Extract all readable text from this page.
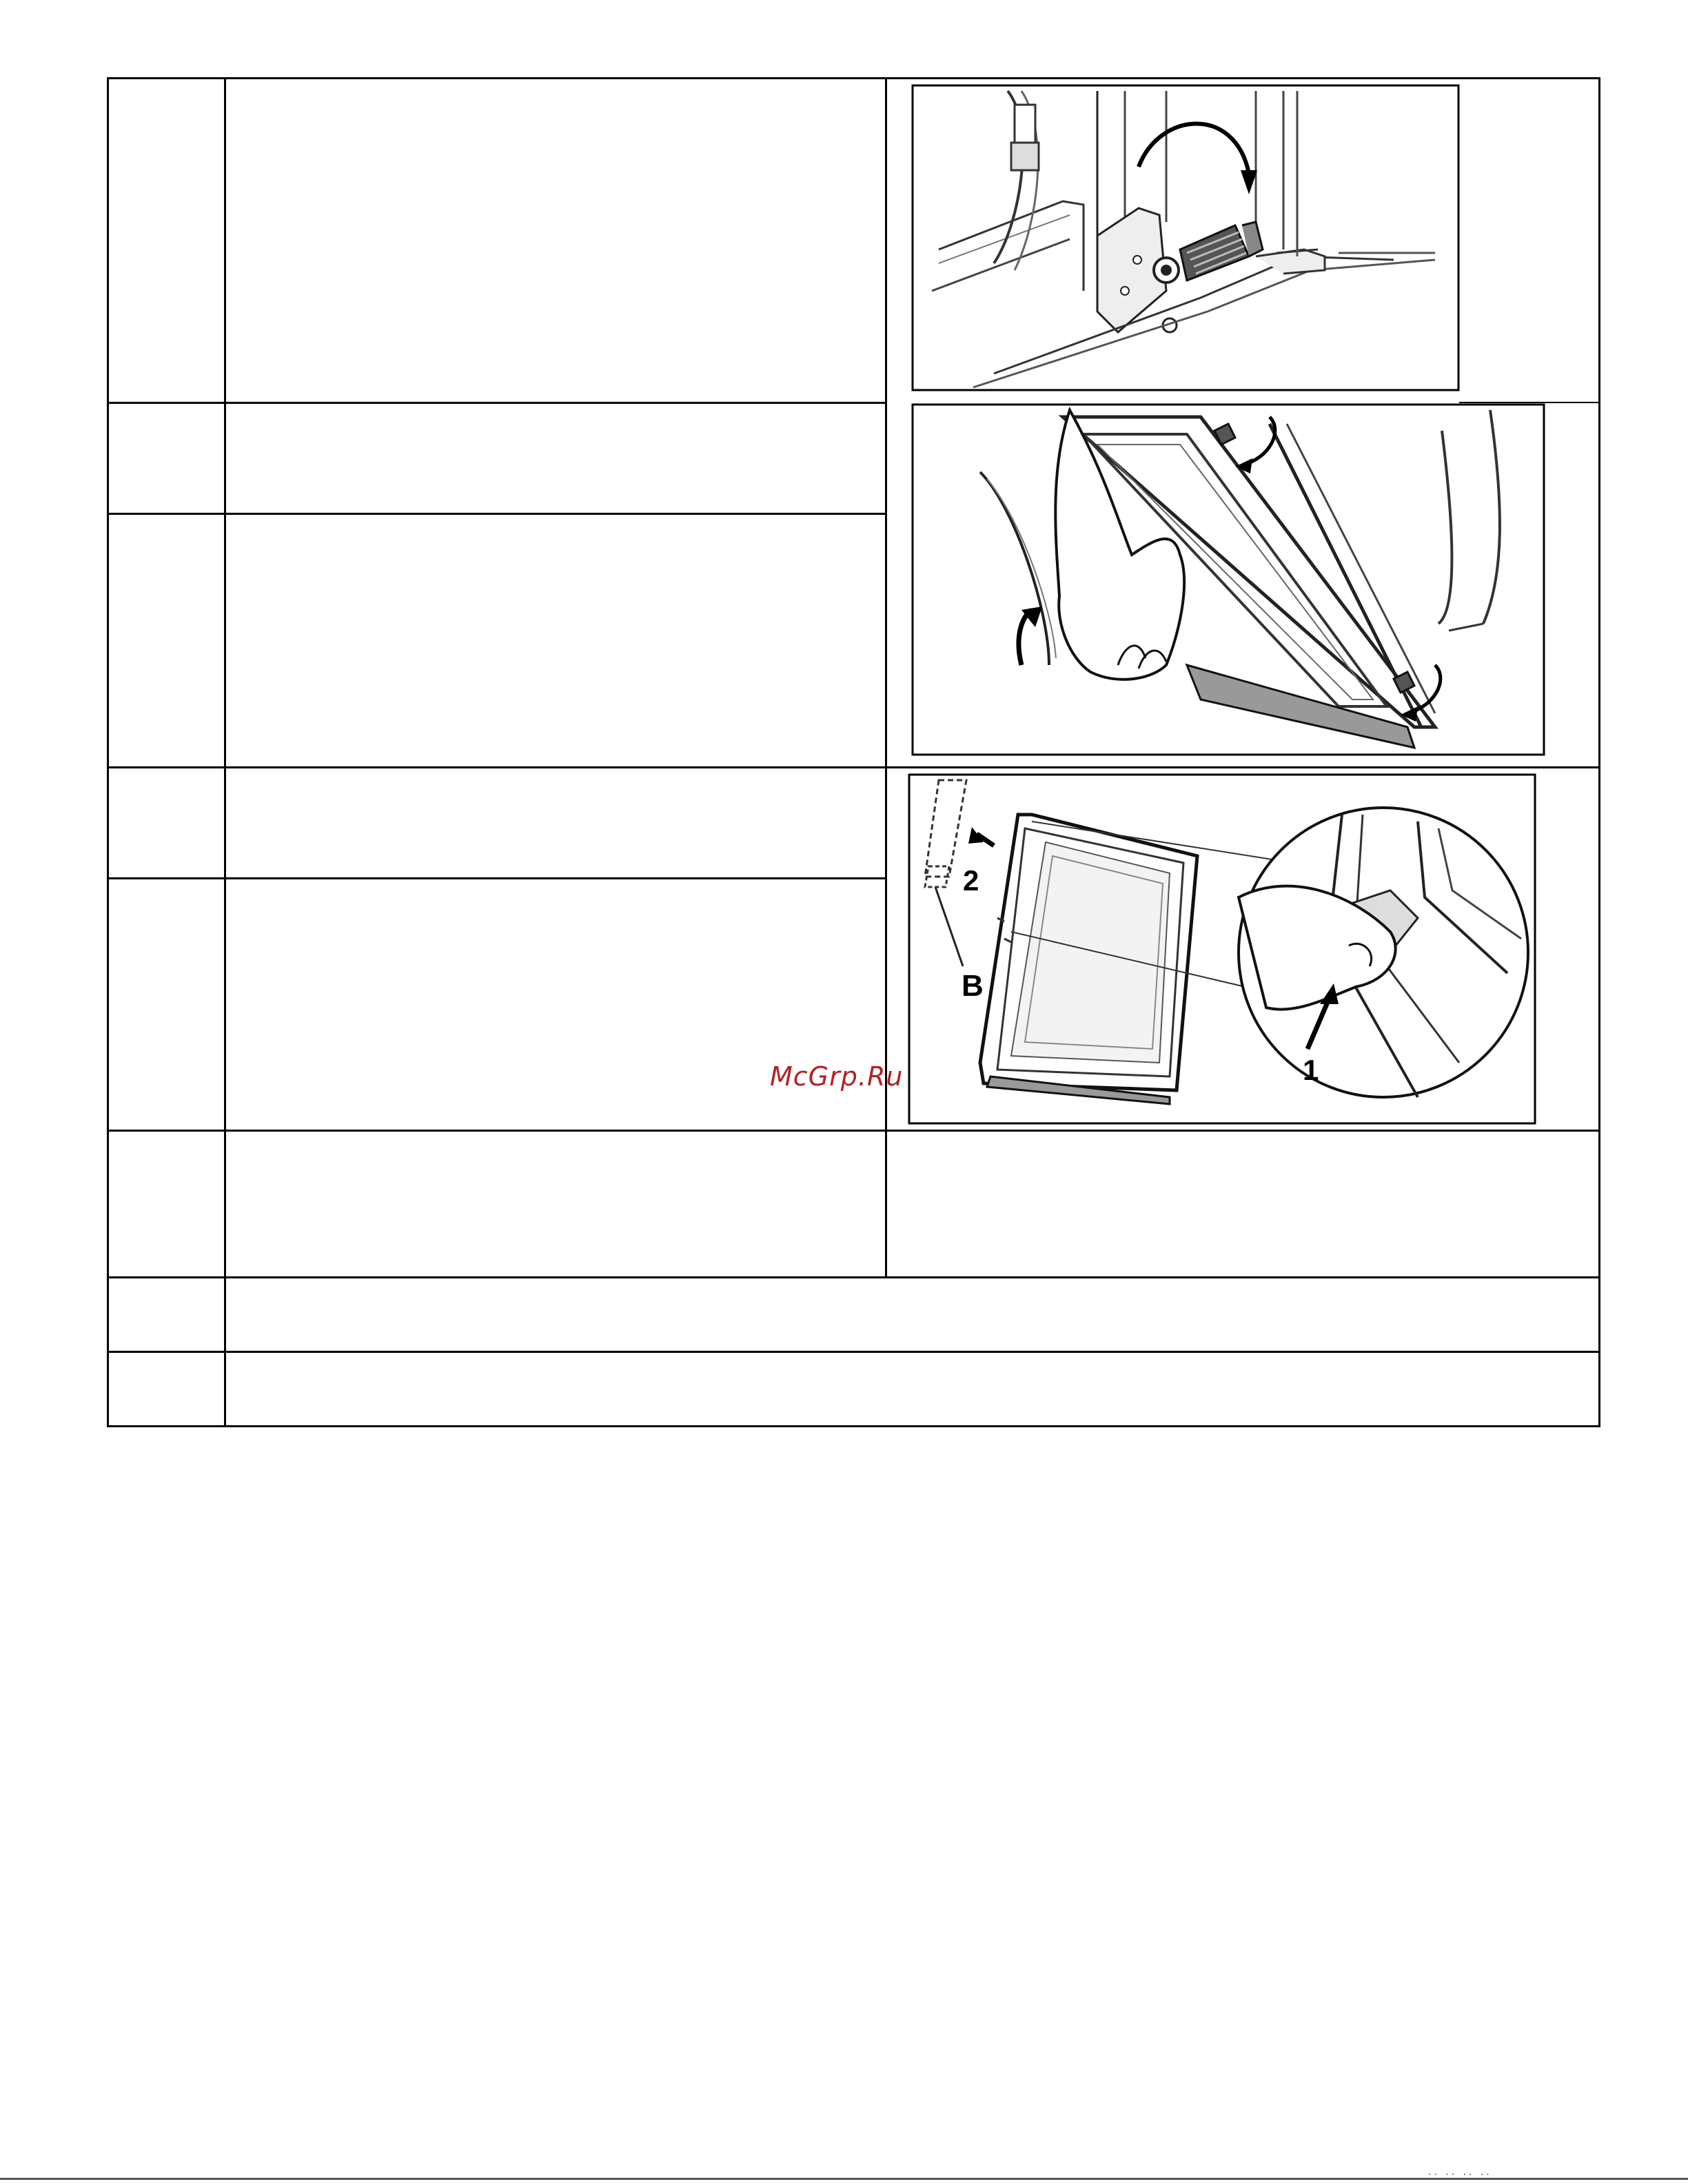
B
1
2
McGrp.Ru
·· ·· ·· ··
